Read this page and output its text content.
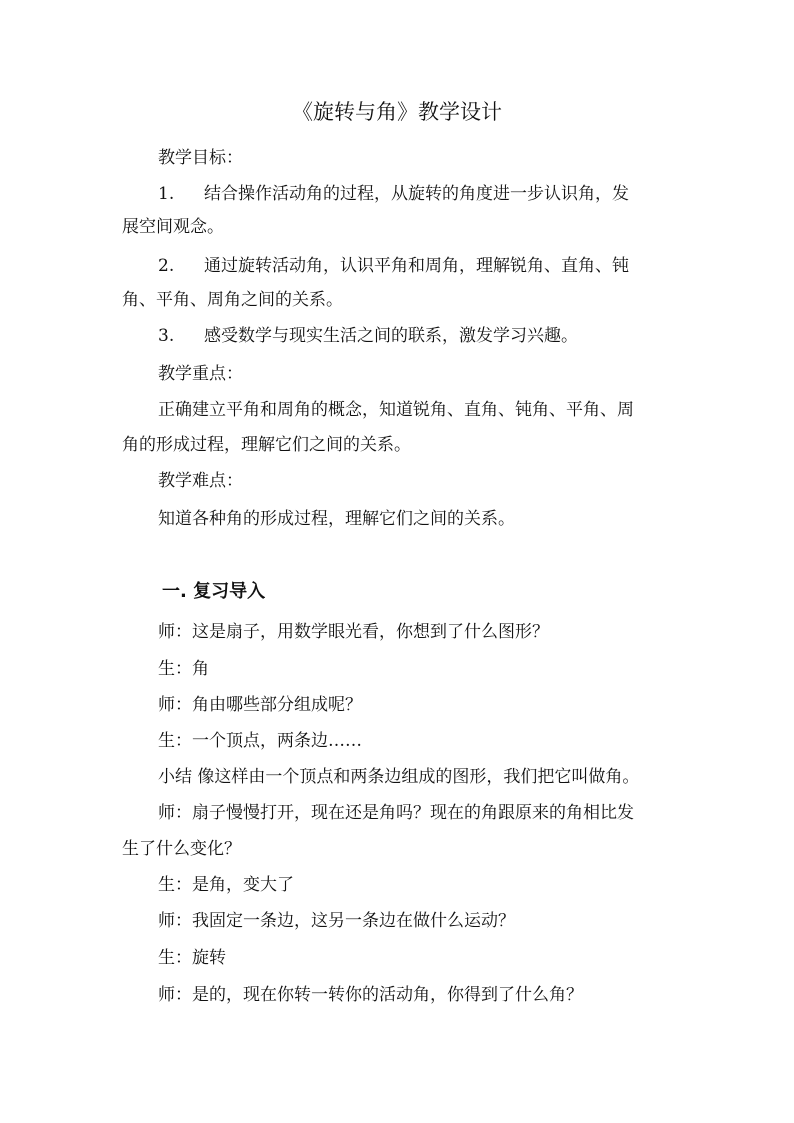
《旋转与角》教学设计
教学目标：
1. 结合操作活动角的过程，从旋转的角度进一步认识角，发
展空间观念。
2. 通过旋转活动角，认识平角和周角，理解锐角、直角、钝
角、平角、周角之间的关系。
3. 感受数学与现实生活之间的联系，激发学习兴趣。
教学重点：
正确建立平角和周角的概念，知道锐角、直角、钝角、平角、周
角的形成过程，理解它们之间的关系。
教学难点：
知道各种角的形成过程，理解它们之间的关系。
一. 复习导入
师：这是扇子，用数学眼光看，你想到了什么图形？
生：角
师：角由哪些部分组成呢？
生：一个顶点，两条边……
小结 像这样由一个顶点和两条边组成的图形，我们把它叫做角。
师：扇子慢慢打开，现在还是角吗？现在的角跟原来的角相比发
生了什么变化？
生：是角，变大了
师：我固定一条边，这另一条边在做什么运动？
生：旋转
师：是的，现在你转一转你的活动角，你得到了什么角？
